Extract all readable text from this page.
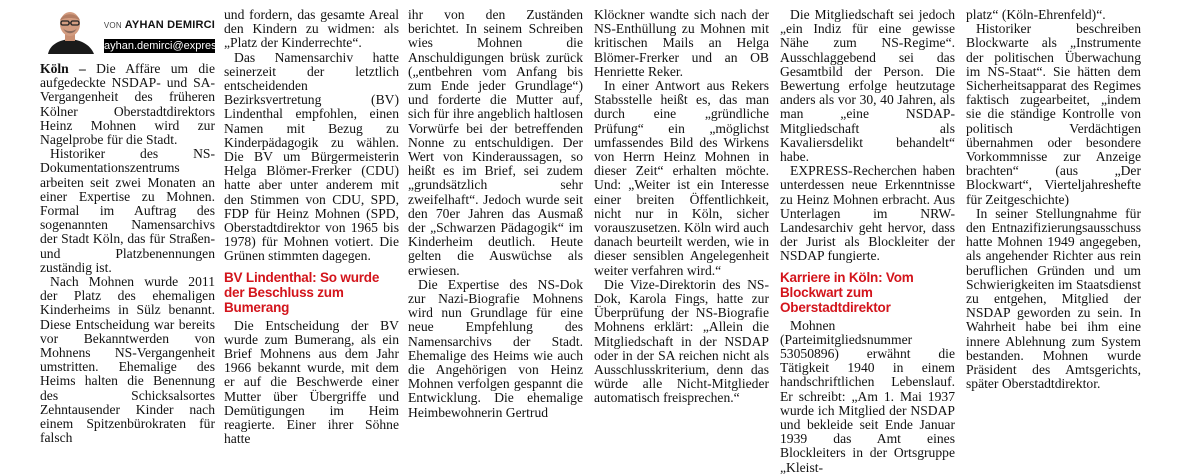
VON AYHAN DEMIRCI
ayhan.demirci@express.de

Köln – Die Affäre um die aufgedeckte NSDAP- und SA-Vergangenheit des früheren Kölner Oberstadtdirektors Heinz Mohnen wird zur Nagelprobe für die Stadt.

Historiker des NS-Dokumentationszentrums arbeiten seit zwei Monaten an einer Expertise zu Mohnen. Formal im Auftrag des sogenannten Namensarchivs der Stadt Köln, das für Straßen- und Platzbenennungen zuständig ist.

Nach Mohnen wurde 2011 der Platz des ehemaligen Kinderheims in Sülz benannt. Diese Entscheidung war bereits vor Bekanntwerden von Mohnens NS-Vergangenheit umstritten. Ehemalige des Heims halten die Benennung des Schicksalsortes Zehntausender Kinder nach einem Spitzenbürokraten für falsch

und fordern, das gesamte Areal den Kindern zu widmen: als „Platz der Kinderrechte“.

Das Namensarchiv hatte seinerzeit der letztlich entscheidenden Bezirksvertretung (BV) Lindenthal empfohlen, einen Namen mit Bezug zu Kinderpädagogik zu wählen. Die BV um Bürgermeisterin Helga Blömer-Frerker (CDU) hatte aber unter anderem mit den Stimmen von CDU, SPD, FDP für Heinz Mohnen (SPD, Oberstadtdirektor von 1965 bis 1978) für Mohnen votiert. Die Grünen stimmten dagegen.

BV Lindenthal: So wurde der Beschluss zum Bumerang

Die Entscheidung der BV wurde zum Bumerang, als ein Brief Mohnens aus dem Jahr 1966 bekannt wurde, mit dem er auf die Beschwerde einer Mutter über Übergriffe und Demütigungen im Heim reagierte. Einer ihrer Söhne hatte

ihr von den Zuständen berichtet. In seinem Schreiben wies Mohnen die Anschuldigungen brüsk zurück („entbehren vom Anfang bis zum Ende jeder Grundlage“) und forderte die Mutter auf, sich für ihre angeblich haltlosen Vorwürfe bei der betreffenden Nonne zu entschuldigen. Der Wert von Kinderaussagen, so heißt es im Brief, sei zudem „grundsätzlich sehr zweifelhaft“. Jedoch wurde seit den 70er Jahren das Ausmaß der „Schwarzen Pädagogik“ im Kinderheim deutlich. Heute gelten die Auswüchse als erwiesen.

Die Expertise des NS-Dok zur Nazi-Biografie Mohnens wird nun Grundlage für eine neue Empfehlung des Namensarchivs der Stadt. Ehemalige des Heims wie auch die Angehörigen von Heinz Mohnen verfolgen gespannt die Entwicklung. Die ehemalige Heimbewohnerin Gertrud

Klöckner wandte sich nach der NS-Enthüllung zu Mohnen mit kritischen Mails an Helga Blömer-Frerker und an OB Henriette Reker.

In einer Antwort aus Rekers Stabsstelle heißt es, das man durch eine „gründliche Prüfung“ ein „möglichst umfassendes Bild des Wirkens von Herrn Heinz Mohnen in dieser Zeit“ erhalten möchte. Und: „Weiter ist ein Interesse einer breiten Öffentlichkeit, nicht nur in Köln, sicher vorauszusetzen. Köln wird auch danach beurteilt werden, wie in dieser sensiblen Angelegenheit weiter verfahren wird.“

Die Vize-Direktorin des NS-Dok, Karola Fings, hatte zur Überprüfung der NS-Biografie Mohnens erklärt: „Allein die Mitgliedschaft in der NSDAP oder in der SA reichen nicht als Ausschlusskriterium, denn das würde alle Nicht-Mitglieder automatisch freisprechen.“

Die Mitgliedschaft sei jedoch „ein Indiz für eine gewisse Nähe zum NS-Regime“. Ausschlaggebend sei das Gesamtbild der Person. Die Bewertung erfolge heutzutage anders als vor 30, 40 Jahren, als man „eine NSDAP-Mitgliedschaft als Kavaliersdelikt behandelt“ habe.

EXPRESS-Recherchen haben unterdessen neue Erkenntnisse zu Heinz Mohnen erbracht. Aus Unterlagen im NRW-Landesarchiv geht hervor, dass der Jurist als Blockleiter der NSDAP fungierte.

Karriere in Köln: Vom Blockwart zum Oberstadtdirektor

Mohnen (Parteimitgliedsnummer 53050896) erwähnt die Tätigkeit 1940 in einem handschriftlichen Lebenslauf. Er schreibt: „Am 1. Mai 1937 wurde ich Mitglied der NSDAP und bekleide seit Ende Januar 1939 das Amt eines Blockleiters in der Ortsgruppe „Kleist-

platz“ (Köln-Ehrenfeld)“.

Historiker beschreiben Blockwarte als „Instrumente der politischen Überwachung im NS-Staat“. Sie hätten dem Sicherheitsapparat des Regimes faktisch zugearbeitet, „indem sie die ständige Kontrolle von politisch Verdächtigen übernahmen oder besondere Vorkommnisse zur Anzeige brachten“ (aus „Der Blockwart“, Vierteljahreshefte für Zeitgeschichte)

In seiner Stellungnahme für den Entnazifizierungsausschuss hatte Mohnen 1949 angegeben, als angehender Richter aus rein beruflichen Gründen und um Schwierigkeiten im Staatsdienst zu entgehen, Mitglied der NSDAP geworden zu sein. In Wahrheit habe bei ihm eine innere Ablehnung zum System bestanden. Mohnen wurde Präsident des Amtsgerichts, später Oberstadtdirektor.
